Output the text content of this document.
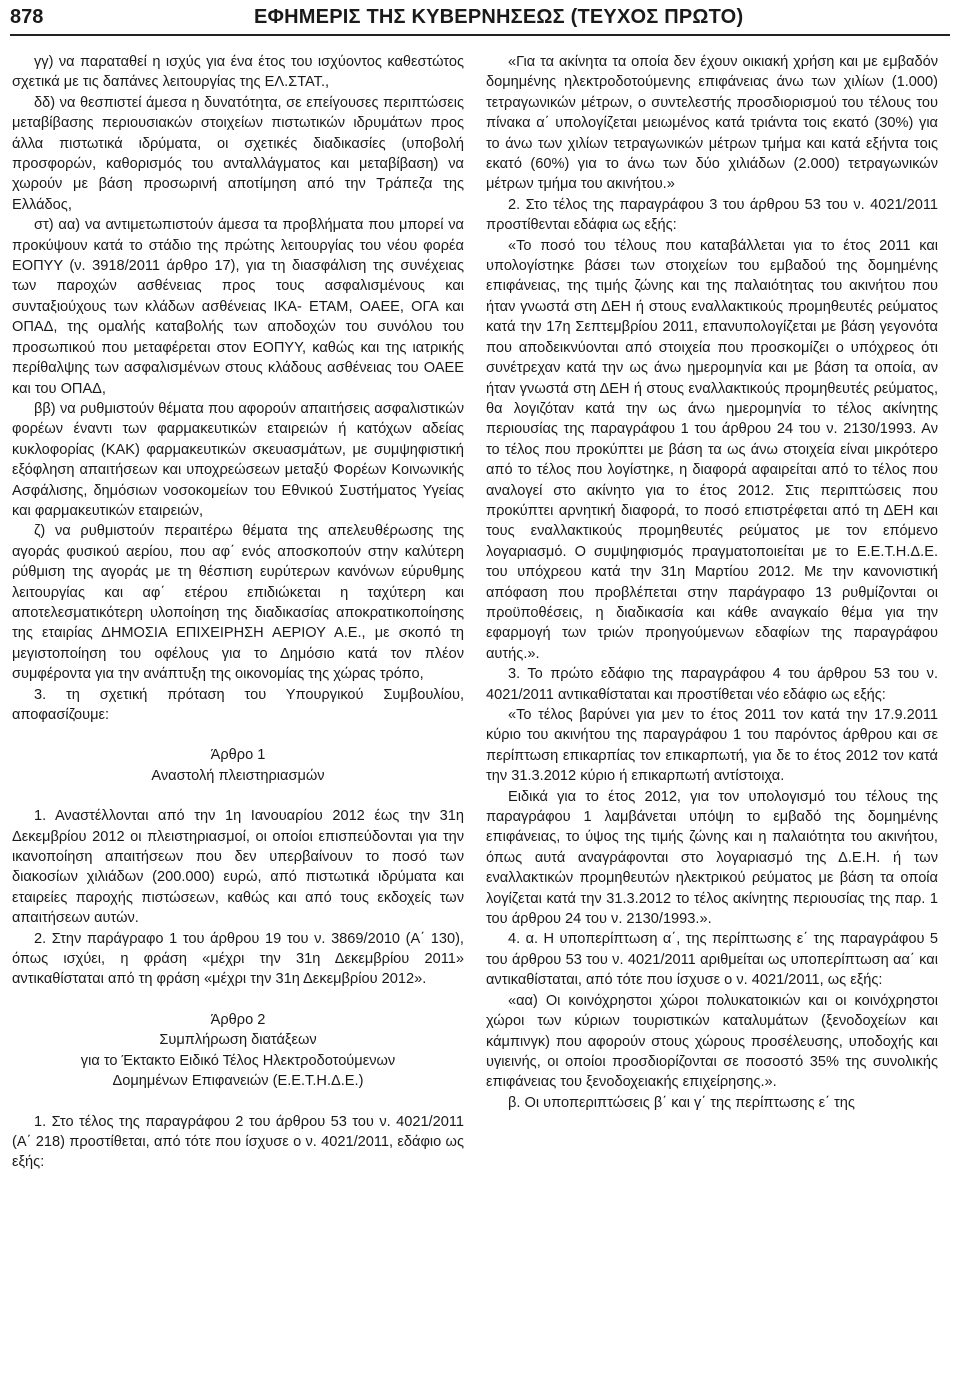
878	ΕΦΗΜΕΡΙΣ ΤΗΣ ΚΥΒΕΡΝΗΣΕΩΣ (ΤΕΥΧΟΣ ΠΡΩΤΟ)

γγ) να παραταθεί η ισχύς για ένα έτος του ισχύοντος καθεστώτος σχετικά με τις δαπάνες λειτουργίας της ΕΛ.ΣΤΑΤ.,

δδ) να θεσπιστεί άμεσα η δυνατότητα, σε επείγουσες περιπτώσεις μεταβίβασης περιουσιακών στοιχείων πιστωτικών ιδρυμάτων προς άλλα πιστωτικά ιδρύματα, οι σχετικές διαδικασίες (υποβολή προσφορών, καθορισμός του ανταλλάγματος και μεταβίβαση) να χωρούν με βάση προσωρινή αποτίμηση από την Τράπεζα της Ελλάδος,

στ) αα) να αντιμετωπιστούν άμεσα τα προβλήματα που μπορεί να προκύψουν κατά το στάδιο της πρώτης λειτουργίας του νέου φορέα ΕΟΠΥΥ (ν. 3918/2011 άρθρο 17), για τη διασφάλιση της συνέχειας των παροχών ασθένειας προς τους ασφαλισμένους και συνταξιούχους των κλάδων ασθένειας ΙΚΑ- ΕΤΑΜ, ΟΑΕΕ, ΟΓΑ και ΟΠΑΔ, της ομαλής καταβολής των αποδοχών του συνόλου του προσωπικού που μεταφέρεται στον ΕΟΠΥΥ, καθώς και της ιατρικής περίθαλψης των ασφαλισμένων στους κλάδους ασθένειας του ΟΑΕΕ και του ΟΠΑΔ,

ββ) να ρυθμιστούν θέματα που αφορούν απαιτήσεις ασφαλιστικών φορέων έναντι των φαρμακευτικών εταιρειών ή κατόχων αδείας κυκλοφορίας (ΚΑΚ) φαρμακευτικών σκευασμάτων, με συμψηφιστική εξόφληση απαιτήσεων και υποχρεώσεων μεταξύ Φορέων Κοινωνικής Ασφάλισης, δημόσιων νοσοκομείων του Εθνικού Συστήματος Υγείας και φαρμακευτικών εταιρειών,

ζ) να ρυθμιστούν περαιτέρω θέματα της απελευθέρωσης της αγοράς φυσικού αερίου, που αφ΄ ενός αποσκοπούν στην καλύτερη ρύθμιση της αγοράς με τη θέσπιση ευρύτερων κανόνων εύρυθμης λειτουργίας και αφ΄ ετέρου επιδιώκεται η ταχύτερη και αποτελεσματικότερη υλοποίηση της διαδικασίας αποκρατικοποίησης της εταιρίας ΔΗΜΟΣΙΑ ΕΠΙΧΕΙΡΗΣΗ ΑΕΡΙΟΥ Α.Ε., με σκοπό τη μεγιστοποίηση του οφέλους για το Δημόσιο κατά τον πλέον συμφέροντα για την ανάπτυξη της οικονομίας της χώρας τρόπο,

3. τη σχετική πρόταση του Υπουργικού Συμβουλίου, αποφασίζουμε:

Άρθρο 1

Αναστολή πλειστηριασμών

1. Αναστέλλονται από την 1η Ιανουαρίου 2012 έως την 31η Δεκεμβρίου 2012 οι πλειστηριασμοί, οι οποίοι επισπεύδονται για την ικανοποίηση απαιτήσεων που δεν υπερβαίνουν το ποσό των διακοσίων χιλιάδων (200.000) ευρώ, από πιστωτικά ιδρύματα και εταιρείες παροχής πιστώσεων, καθώς και από τους εκδοχείς των απαιτήσεων αυτών.

2. Στην παράγραφο 1 του άρθρου 19 του ν. 3869/2010 (Α΄ 130), όπως ισχύει, η φράση «μέχρι την 31η Δεκεμβρίου 2011» αντικαθίσταται από τη φράση «μέχρι την 31η Δεκεμβρίου 2012».

Άρθρο 2

Συμπλήρωση διατάξεων

για το Έκτακτο Ειδικό Τέλος Ηλεκτροδοτούμενων

Δομημένων Επιφανειών (Ε.Ε.Τ.Η.Δ.Ε.)

1. Στο τέλος της παραγράφου 2 του άρθρου 53 του ν. 4021/2011 (Α΄ 218) προστίθεται, από τότε που ίσχυσε ο ν. 4021/2011, εδάφιο ως εξής:

«Για τα ακίνητα τα οποία δεν έχουν οικιακή χρήση και με εμβαδόν δομημένης ηλεκτροδοτούμενης επιφάνειας άνω των χιλίων (1.000) τετραγωνικών μέτρων, ο συντελεστής προσδιορισμού του τέλους του πίνακα α΄ υπολογίζεται μειωμένος κατά τριάντα τοις εκατό (30%) για το άνω των χιλίων τετραγωνικών μέτρων τμήμα και κατά εξήντα τοις εκατό (60%) για το άνω των δύο χιλιάδων (2.000) τετραγωνικών μέτρων τμήμα του ακινήτου.»

2. Στο τέλος της παραγράφου 3 του άρθρου 53 του ν. 4021/2011 προστίθενται εδάφια ως εξής:

«Το ποσό του τέλους που καταβάλλεται για το έτος 2011 και υπολογίστηκε βάσει των στοιχείων του εμβαδού της δομημένης επιφάνειας, της τιμής ζώνης και της παλαιότητας του ακινήτου που ήταν γνωστά στη ΔΕΗ ή στους εναλλακτικούς προμηθευτές ρεύματος κατά την 17η Σεπτεμβρίου 2011, επανυπολογίζεται με βάση γεγονότα που αποδεικνύονται από στοιχεία που προσκομίζει ο υπόχρεος ότι συνέτρεχαν κατά την ως άνω ημερομηνία και με βάση τα οποία, αν ήταν γνωστά στη ΔΕΗ ή στους εναλλακτικούς προμηθευτές ρεύματος, θα λογιζόταν κατά την ως άνω ημερομηνία το τέλος ακίνητης περιουσίας της παραγράφου 1 του άρθρου 24 του ν. 2130/1993. Αν το τέλος που προκύπτει με βάση τα ως άνω στοιχεία είναι μικρότερο από το τέλος που λογίστηκε, η διαφορά αφαιρείται από το τέλος που αναλογεί στο ακίνητο για το έτος 2012. Στις περιπτώσεις που προκύπτει αρνητική διαφορά, το ποσό επιστρέφεται από τη ΔΕΗ και τους εναλλακτικούς προμηθευτές ρεύματος με τον επόμενο λογαριασμό. Ο συμψηφισμός πραγματοποιείται με το Ε.Ε.Τ.Η.Δ.Ε. του υπόχρεου κατά την 31η Μαρτίου 2012. Με την κανονιστική απόφαση που προβλέπεται στην παράγραφο 13 ρυθμίζονται οι προϋποθέσεις, η διαδικασία και κάθε αναγκαίο θέμα για την εφαρμογή των τριών προηγούμενων εδαφίων της παραγράφου αυτής.».

3. Το πρώτο εδάφιο της παραγράφου 4 του άρθρου 53 του ν. 4021/2011 αντικαθίσταται και προστίθεται νέο εδάφιο ως εξής:

«Το τέλος βαρύνει για μεν το έτος 2011 τον κατά την 17.9.2011 κύριο του ακινήτου της παραγράφου 1 του παρόντος άρθρου και σε περίπτωση επικαρπίας τον επικαρπωτή, για δε το έτος 2012 τον κατά την 31.3.2012 κύριο ή επικαρπωτή αντίστοιχα.

Ειδικά για το έτος 2012, για τον υπολογισμό του τέλους της παραγράφου 1 λαμβάνεται υπόψη το εμβαδό της δομημένης επιφάνειας, το ύψος της τιμής ζώνης και η παλαιότητα του ακινήτου, όπως αυτά αναγράφονται στο λογαριασμό της Δ.Ε.Η. ή των εναλλακτικών προμηθευτών ηλεκτρικού ρεύματος με βάση τα οποία λογίζεται κατά την 31.3.2012 το τέλος ακίνητης περιουσίας της παρ. 1 του άρθρου 24 του ν. 2130/1993.».

4. α. Η υποπερίπτωση α΄, της περίπτωσης ε΄ της παραγράφου 5 του άρθρου 53 του ν. 4021/2011 αριθμείται ως υποπερίπτωση αα΄ και αντικαθίσταται, από τότε που ίσχυσε ο ν. 4021/2011, ως εξής:

«αα) Οι κοινόχρηστοι χώροι πολυκατοικιών και οι κοινόχρηστοι χώροι των κύριων τουριστικών καταλυμάτων (ξενοδοχείων και κάμπινγκ) που αφορούν στους χώρους προσέλευσης, υποδοχής και υγιεινής, οι οποίοι προσδιορίζονται σε ποσοστό 35% της συνολικής επιφάνειας του ξενοδοχειακής επιχείρησης.».

β. Οι υποπεριπτώσεις β΄ και γ΄ της περίπτωσης ε΄ της
